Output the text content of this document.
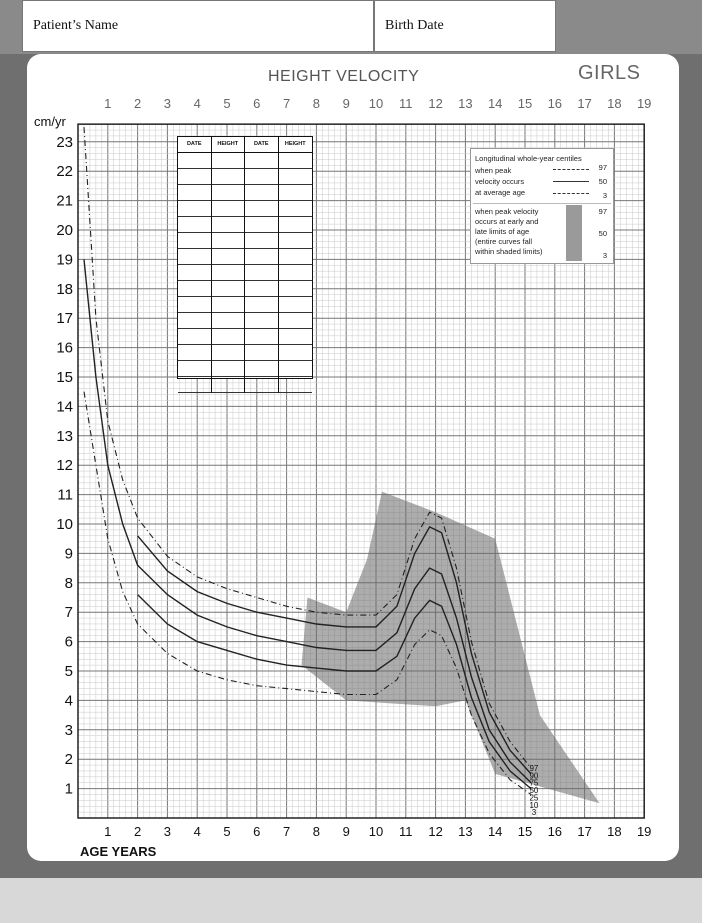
Patient’s Name	Birth Date
HEIGHT VELOCITY	GIRLS
cm/yr
AGE YEARS
1
1
2
2
3
3
4
4
5
5
6
6
7
7
8
8
9
9
10
10
11
11
12
12
13
13
14
14
15
15
16
16
17
17
18
18
19
19
1
2
3
4
5
6
7
8
9
10
11
12
13
14
15
16
17
18
19
20
21
22
23
97
90
75
50
25
10
3
DATE	HEIGHT	DATE	HEIGHT
Longitudinal whole-year centiles
when peak
velocity occurs
at average age
97
50
3
when peak velocity
occurs at early and
late limits of age
(entire curves fall
within shaded limits)
97
50
3
